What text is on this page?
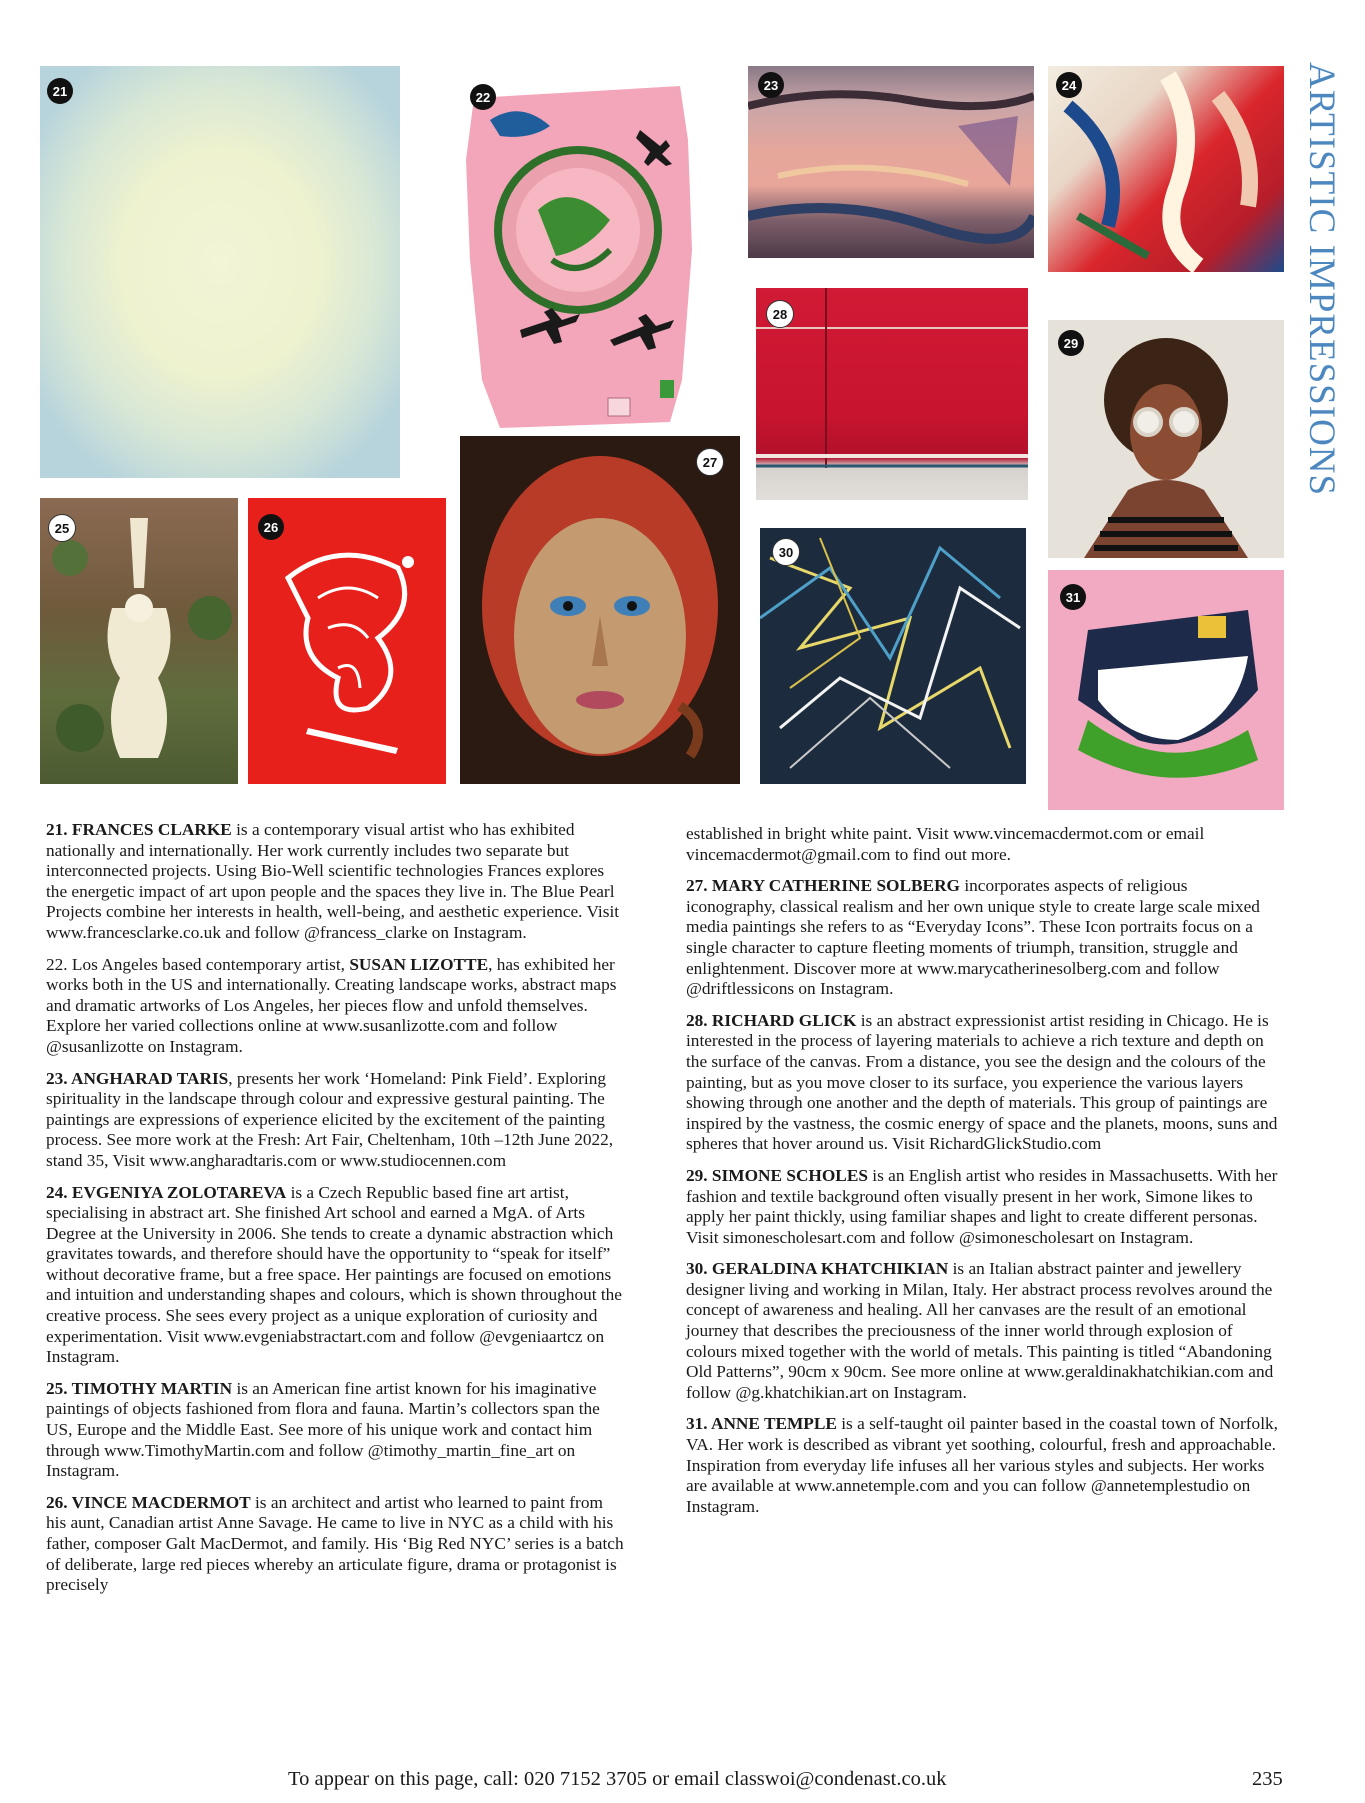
ARTISTIC IMPRESSIONS
21	22
23	24
28
29
25	26
27
30
31

21. FRANCES CLARKE is a contemporary visual artist who has exhibited nationally and internationally. Her work currently includes two separate but interconnected projects. Using Bio-Well scientific technologies Frances explores the energetic impact of art upon people and the spaces they live in. The Blue Pearl Projects combine her interests in health, well-being, and aesthetic experience. Visit www.francesclarke.co.uk and follow @francess_clarke on Instagram.

22. Los Angeles based contemporary artist, SUSAN LIZOTTE, has exhibited her works both in the US and internationally. Creating landscape works, abstract maps and dramatic artworks of Los Angeles, her pieces flow and unfold themselves. Explore her varied collections online at www.susanlizotte.com and follow @susanlizotte on Instagram.

23. ANGHARAD TARIS, presents her work ‘Homeland: Pink Field’. Exploring spirituality in the landscape through colour and expressive gestural painting. The paintings are expressions of experience elicited by the excitement of the painting process. See more work at the Fresh: Art Fair, Cheltenham, 10th –12th June 2022, stand 35, Visit www.angharadtaris.com or www.studiocennen.com

24. EVGENIYA ZOLOTAREVA is a Czech Republic based fine art artist, specialising in abstract art. She finished Art school and earned a MgA. of Arts Degree at the University in 2006. She tends to create a dynamic abstraction which gravitates towards, and therefore should have the opportunity to “speak for itself” without decorative frame, but a free space. Her paintings are focused on emotions and intuition and understanding shapes and colours, which is shown throughout the creative process. She sees every project as a unique exploration of curiosity and experimentation. Visit www.evgeniabstractart.com and follow @evgeniaartcz on Instagram.

25. TIMOTHY MARTIN is an American fine artist known for his imaginative paintings of objects fashioned from flora and fauna. Martin’s collectors span the US, Europe and the Middle East. See more of his unique work and contact him through www.TimothyMartin.com and follow @timothy_martin_fine_art on Instagram.

26. VINCE MACDERMOT is an architect and artist who learned to paint from his aunt, Canadian artist Anne Savage. He came to live in NYC as a child with his father, composer Galt MacDermot, and family. His ‘Big Red NYC’ series is a batch of deliberate, large red pieces whereby an articulate figure, drama or protagonist is precisely

established in bright white paint. Visit www.vincemacdermot.com or email vincemacdermot@gmail.com to find out more.

27. MARY CATHERINE SOLBERG incorporates aspects of religious iconography, classical realism and her own unique style to create large scale mixed media paintings she refers to as “Everyday Icons”. These Icon portraits focus on a single character to capture fleeting moments of triumph, transition, struggle and enlightenment. Discover more at www.marycatherinesolberg.com and follow @driftlessicons on Instagram.

28. RICHARD GLICK is an abstract expressionist artist residing in Chicago. He is interested in the process of layering materials to achieve a rich texture and depth on the surface of the canvas. From a distance, you see the design and the colours of the painting, but as you move closer to its surface, you experience the various layers showing through one another and the depth of materials. This group of paintings are inspired by the vastness, the cosmic energy of space and the planets, moons, suns and spheres that hover around us. Visit RichardGlickStudio.com

29. SIMONE SCHOLES is an English artist who resides in Massachusetts. With her fashion and textile background often visually present in her work, Simone likes to apply her paint thickly, using familiar shapes and light to create different personas. Visit simonescholesart.com and follow @simonescholesart on Instagram.

30. GERALDINA KHATCHIKIAN is an Italian abstract painter and jewellery designer living and working in Milan, Italy. Her abstract process revolves around the concept of awareness and healing. All her canvases are the result of an emotional journey that describes the preciousness of the inner world through explosion of colours mixed together with the world of metals. This painting is titled “Abandoning Old Patterns”, 90cm x 90cm. See more online at www.geraldinakhatchikian.com and follow @g.khatchikian.art on Instagram.

31. ANNE TEMPLE is a self-taught oil painter based in the coastal town of Norfolk, VA. Her work is described as vibrant yet soothing, colourful, fresh and approachable. Inspiration from everyday life infuses all her various styles and subjects. Her works are available at www.annetemple.com and you can follow @annetemplestudio on Instagram.

To appear on this page, call: 020 7152 3705 or email classwoi@condenast.co.uk	235
